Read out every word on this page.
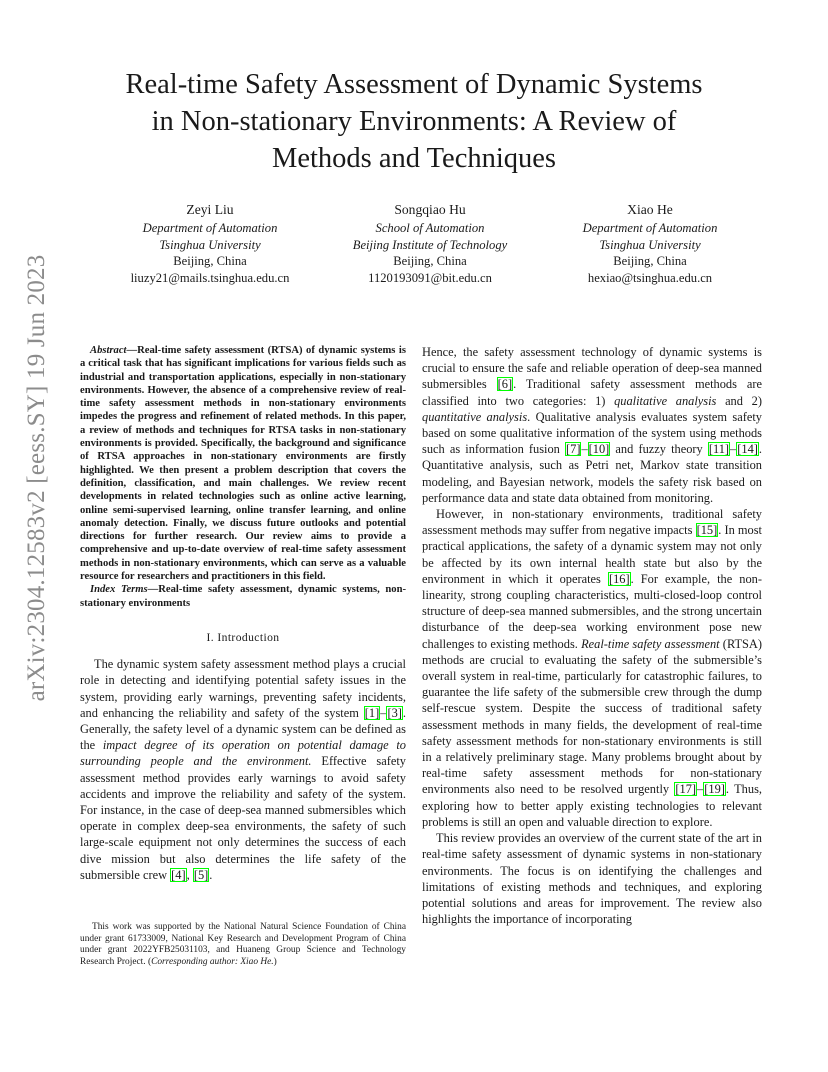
arXiv:2304.12583v2 [eess.SY] 19 Jun 2023
Real-time Safety Assessment of Dynamic Systems
in Non-stationary Environments: A Review of
Methods and Techniques
Zeyi Liu
Department of Automation
Tsinghua University
Beijing, China
liuzy21@mails.tsinghua.edu.cn
Songqiao Hu
School of Automation
Beijing Institute of Technology
Beijing, China
1120193091@bit.edu.cn
Xiao He
Department of Automation
Tsinghua University
Beijing, China
hexiao@tsinghua.edu.cn

Abstract—Real-time safety assessment (RTSA) of dynamic systems is a critical task that has significant implications for various fields such as industrial and transportation applications, especially in non-stationary environments. However, the absence of a comprehensive review of real-time safety assessment methods in non-stationary environments impedes the progress and refinement of related methods. In this paper, a review of methods and techniques for RTSA tasks in non-stationary environments is provided. Specifically, the background and significance of RTSA approaches in non-stationary environments are firstly highlighted. We then present a problem description that covers the definition, classification, and main challenges. We review recent developments in related technologies such as online active learning, online semi-supervised learning, online transfer learning, and online anomaly detection. Finally, we discuss future outlooks and potential directions for further research. Our review aims to provide a comprehensive and up-to-date overview of real-time safety assessment methods in non-stationary environments, which can serve as a valuable resource for researchers and practitioners in this field.

Index Terms—Real-time safety assessment, dynamic systems, non-stationary environments

I. Introduction

The dynamic system safety assessment method plays a crucial role in detecting and identifying potential safety issues in the system, providing early warnings, preventing safety incidents, and enhancing the reliability and safety of the system [1]–[3]. Generally, the safety level of a dynamic system can be defined as the impact degree of its operation on potential damage to surrounding people and the environment. Effective safety assessment method provides early warnings to avoid safety accidents and improve the reliability and safety of the system. For instance, in the case of deep-sea manned submersibles which operate in complex deep-sea environments, the safety of such large-scale equipment not only determines the success of each dive mission but also determines the life safety of the submersible crew [4], [5].

This work was supported by the National Natural Science Foundation of China under grant 61733009, National Key Research and Development Program of China under grant 2022YFB25031103, and Huaneng Group Science and Technology Research Project. (Corresponding author: Xiao He.)

Hence, the safety assessment technology of dynamic systems is crucial to ensure the safe and reliable operation of deep-sea manned submersibles [6]. Traditional safety assessment methods are classified into two categories: 1) qualitative analysis and 2) quantitative analysis. Qualitative analysis evaluates system safety based on some qualitative information of the system using methods such as information fusion [7]–[10] and fuzzy theory [11]–[14]. Quantitative analysis, such as Petri net, Markov state transition modeling, and Bayesian network, models the safety risk based on performance data and state data obtained from monitoring.

However, in non-stationary environments, traditional safety assessment methods may suffer from negative impacts [15]. In most practical applications, the safety of a dynamic system may not only be affected by its own internal health state but also by the environment in which it operates [16]. For example, the non-linearity, strong coupling characteristics, multi-closed-loop control structure of deep-sea manned submersibles, and the strong uncertain disturbance of the deep-sea working environment pose new challenges to existing methods. Real-time safety assessment (RTSA) methods are crucial to evaluating the safety of the submersible’s overall system in real-time, particularly for catastrophic failures, to guarantee the life safety of the submersible crew through the dump self-rescue system. Despite the success of traditional safety assessment methods in many fields, the development of real-time safety assessment methods for non-stationary environments is still in a relatively preliminary stage. Many problems brought about by real-time safety assessment methods for non-stationary environments also need to be resolved urgently [17]–[19]. Thus, exploring how to better apply existing technologies to relevant problems is still an open and valuable direction to explore.

This review provides an overview of the current state of the art in real-time safety assessment of dynamic systems in non-stationary environments. The focus is on identifying the challenges and limitations of existing methods and techniques, and exploring potential solutions and areas for improvement. The review also highlights the importance of incorporating
